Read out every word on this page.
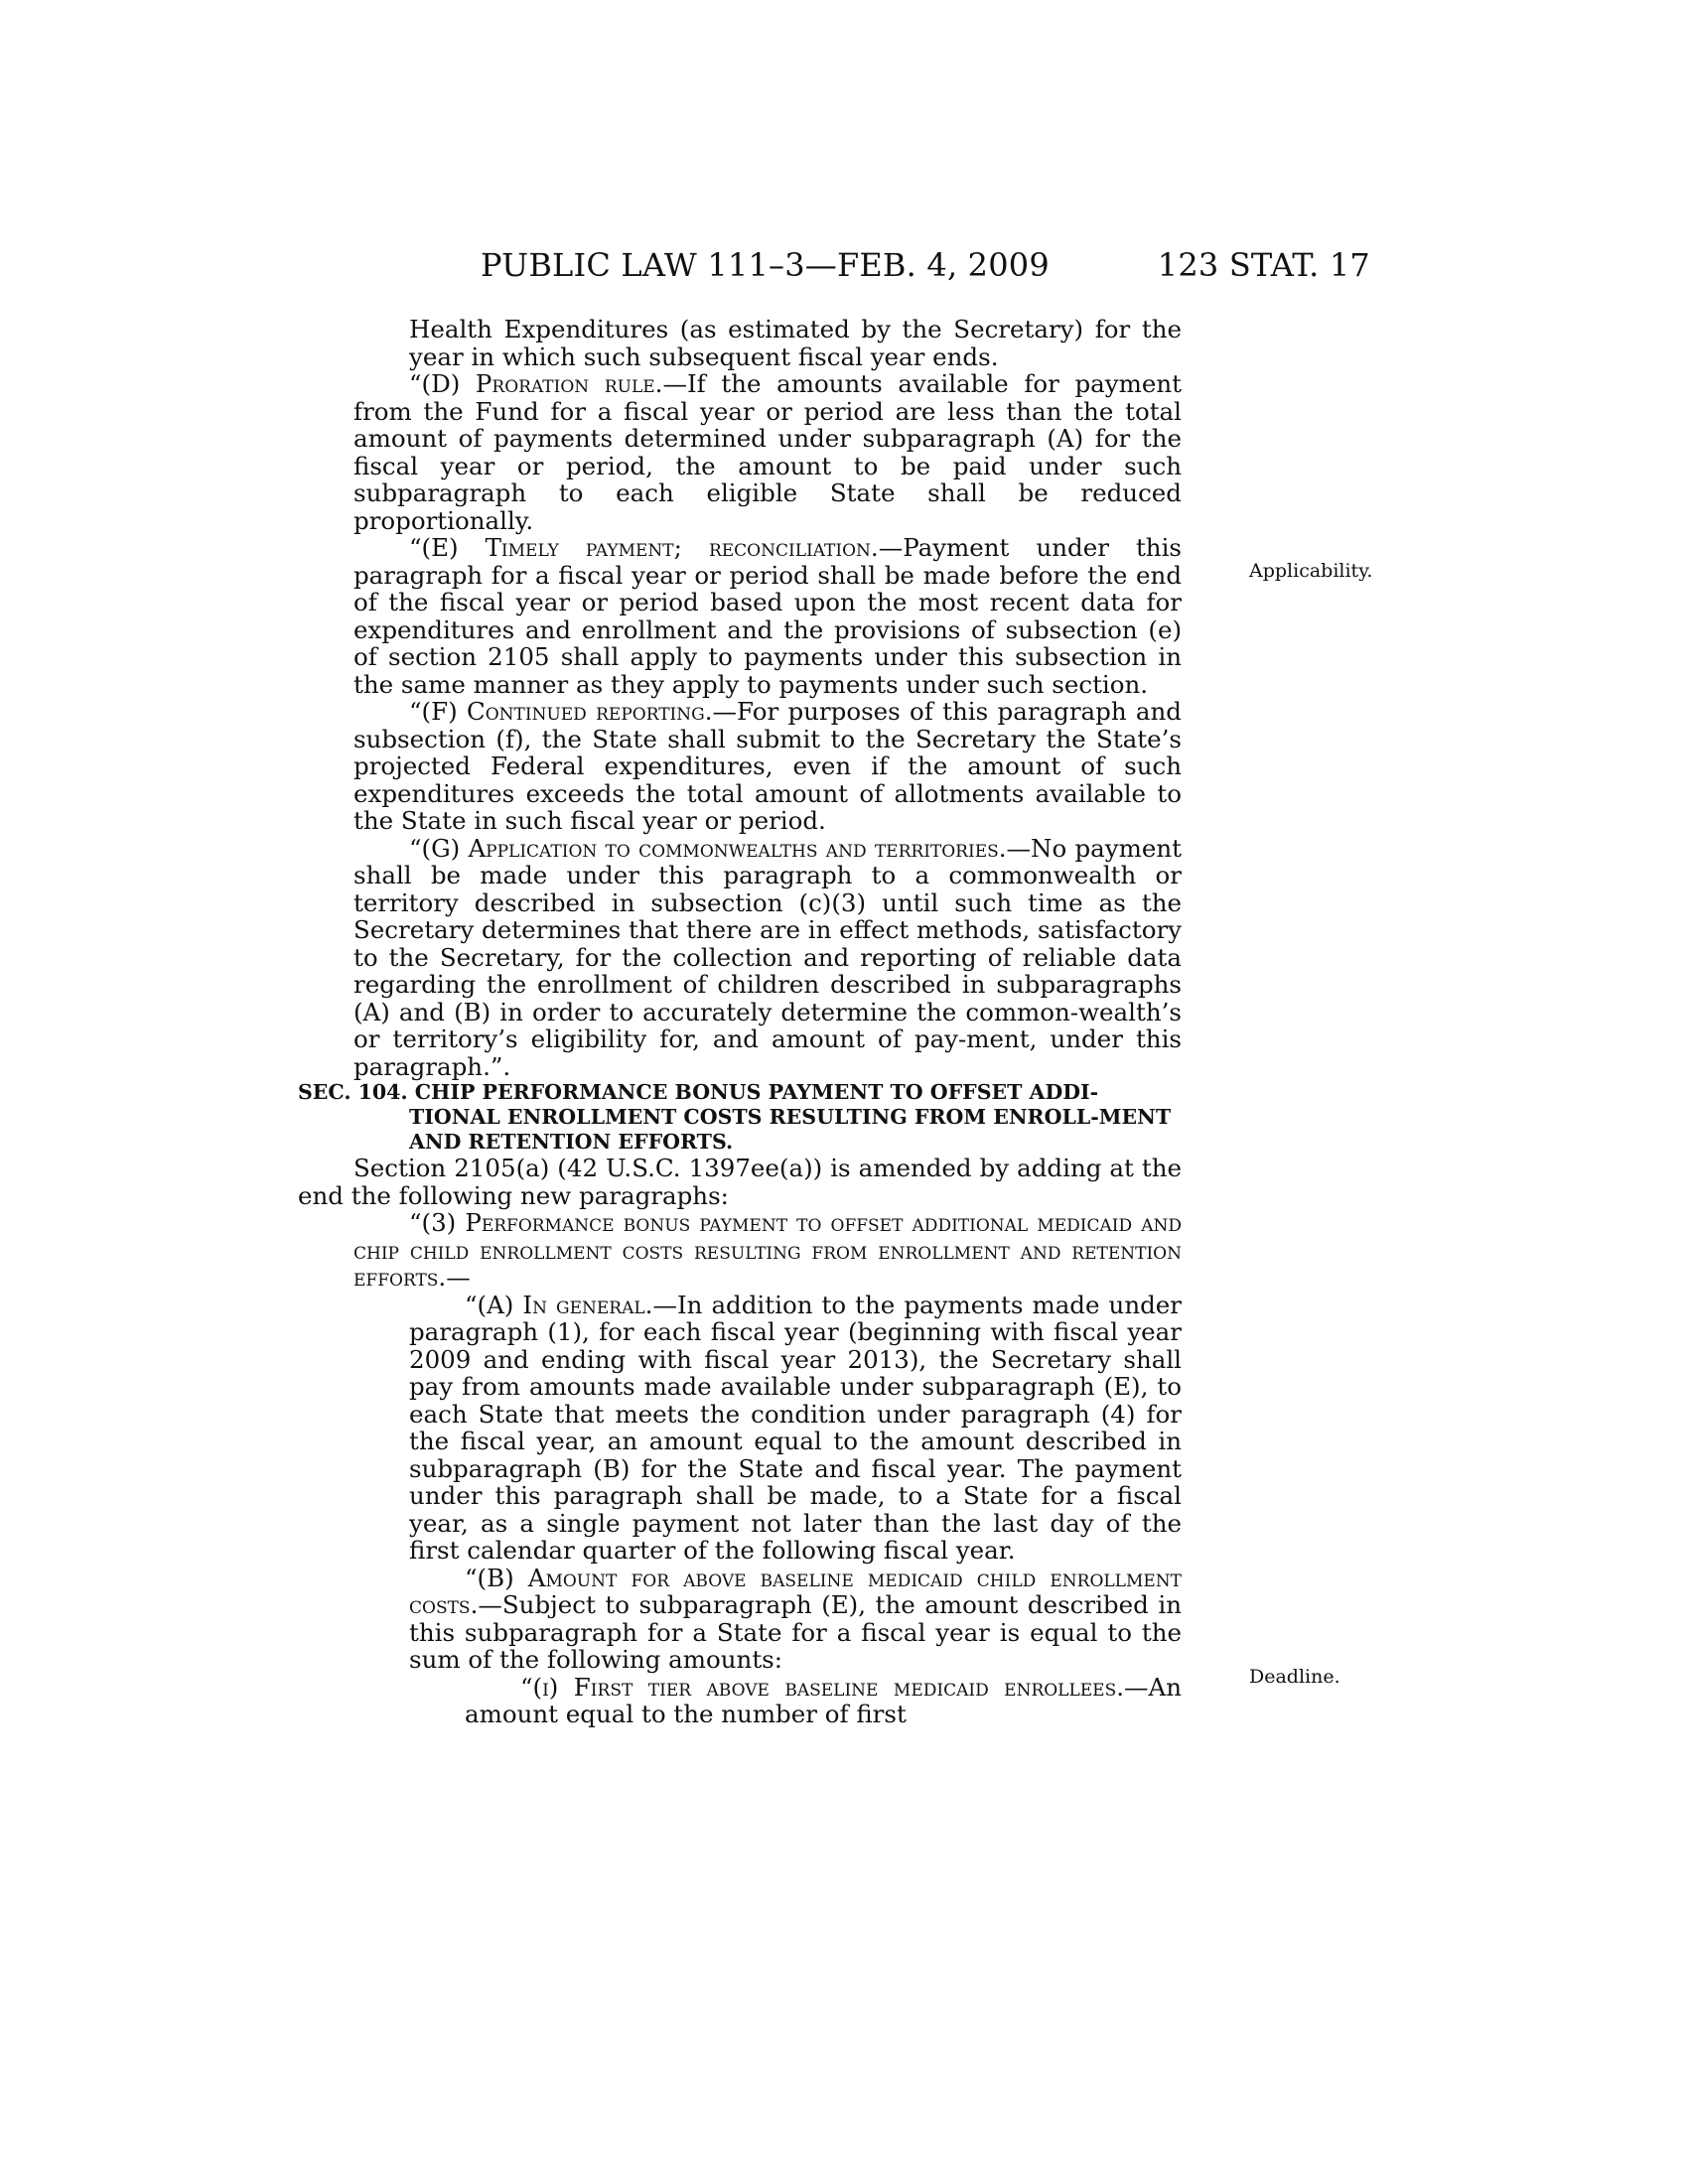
PUBLIC LAW 111–3—FEB. 4, 2009	123 STAT. 17
Applicability.
Deadline.

Health Expenditures (as estimated by the Secretary) for the year in which such subsequent fiscal year ends.

“(D) Proration rule.—If the amounts available for payment from the Fund for a fiscal year or period are less than the total amount of payments determined under subparagraph (A) for the fiscal year or period, the amount to be paid under such subparagraph to each eligible State shall be reduced proportionally.

“(E) Timely payment; reconciliation.—Payment under this paragraph for a fiscal year or period shall be made before the end of the fiscal year or period based upon the most recent data for expenditures and enrollment and the provisions of subsection (e) of section 2105 shall apply to payments under this subsection in the same manner as they apply to payments under such section.

“(F) Continued reporting.—For purposes of this paragraph and subsection (f), the State shall submit to the Secretary the State’s projected Federal expenditures, even if the amount of such expenditures exceeds the total amount of allotments available to the State in such fiscal year or period.

“(G) Application to commonwealths and territories.—No payment shall be made under this paragraph to a commonwealth or territory described in subsection (c)(3) until such time as the Secretary determines that there are in effect methods, satisfactory to the Secretary, for the collection and reporting of reliable data regarding the enrollment of children described in subparagraphs (A) and (B) in order to accurately determine the common-wealth’s or territory’s eligibility for, and amount of pay-ment, under this paragraph.”.

SEC. 104. CHIP PERFORMANCE BONUS PAYMENT TO OFFSET ADDI-TIONAL ENROLLMENT COSTS RESULTING FROM ENROLL-MENT AND RETENTION EFFORTS.

Section 2105(a) (42 U.S.C. 1397ee(a)) is amended by adding at the end the following new paragraphs:

“(3) Performance bonus payment to offset additional medicaid and chip child enrollment costs resulting from enrollment and retention efforts.—

“(A) In general.—In addition to the payments made under paragraph (1), for each fiscal year (beginning with fiscal year 2009 and ending with fiscal year 2013), the Secretary shall pay from amounts made available under subparagraph (E), to each State that meets the condition under paragraph (4) for the fiscal year, an amount equal to the amount described in subparagraph (B) for the State and fiscal year. The payment under this paragraph shall be made, to a State for a fiscal year, as a single payment not later than the last day of the first calendar quarter of the following fiscal year.

“(B) Amount for above baseline medicaid child enrollment costs.—Subject to subparagraph (E), the amount described in this subparagraph for a State for a fiscal year is equal to the sum of the following amounts:

“(i) First tier above baseline medicaid enrollees.—An amount equal to the number of first
